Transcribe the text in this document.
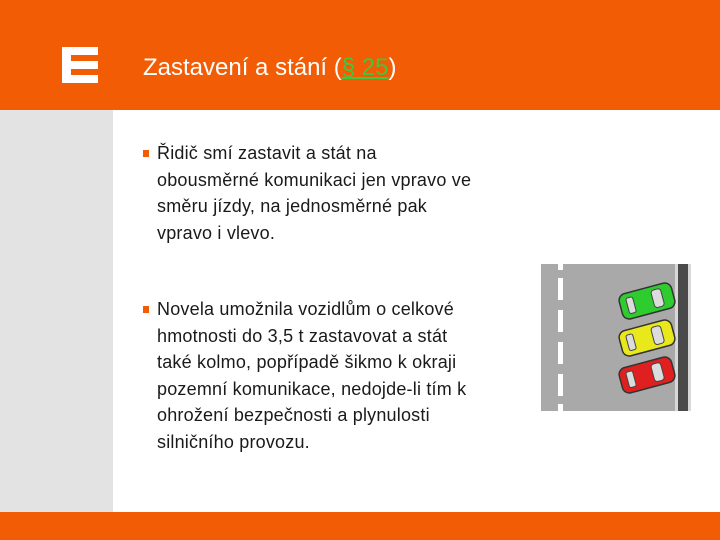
Zastavení a stání (§ 25)
Řidič smí zastavit a stát na
obousměrné komunikaci jen vpravo ve
směru jízdy, na jednosměrné pak
vpravo i vlevo.
Novela umožnila vozidlům o celkové
hmotnosti do 3,5 t zastavovat a stát
také kolmo, popřípadě šikmo k okraji
pozemní komunikace, nedojde-li tím k
ohrožení bezpečnosti a plynulosti
silničního provozu.
